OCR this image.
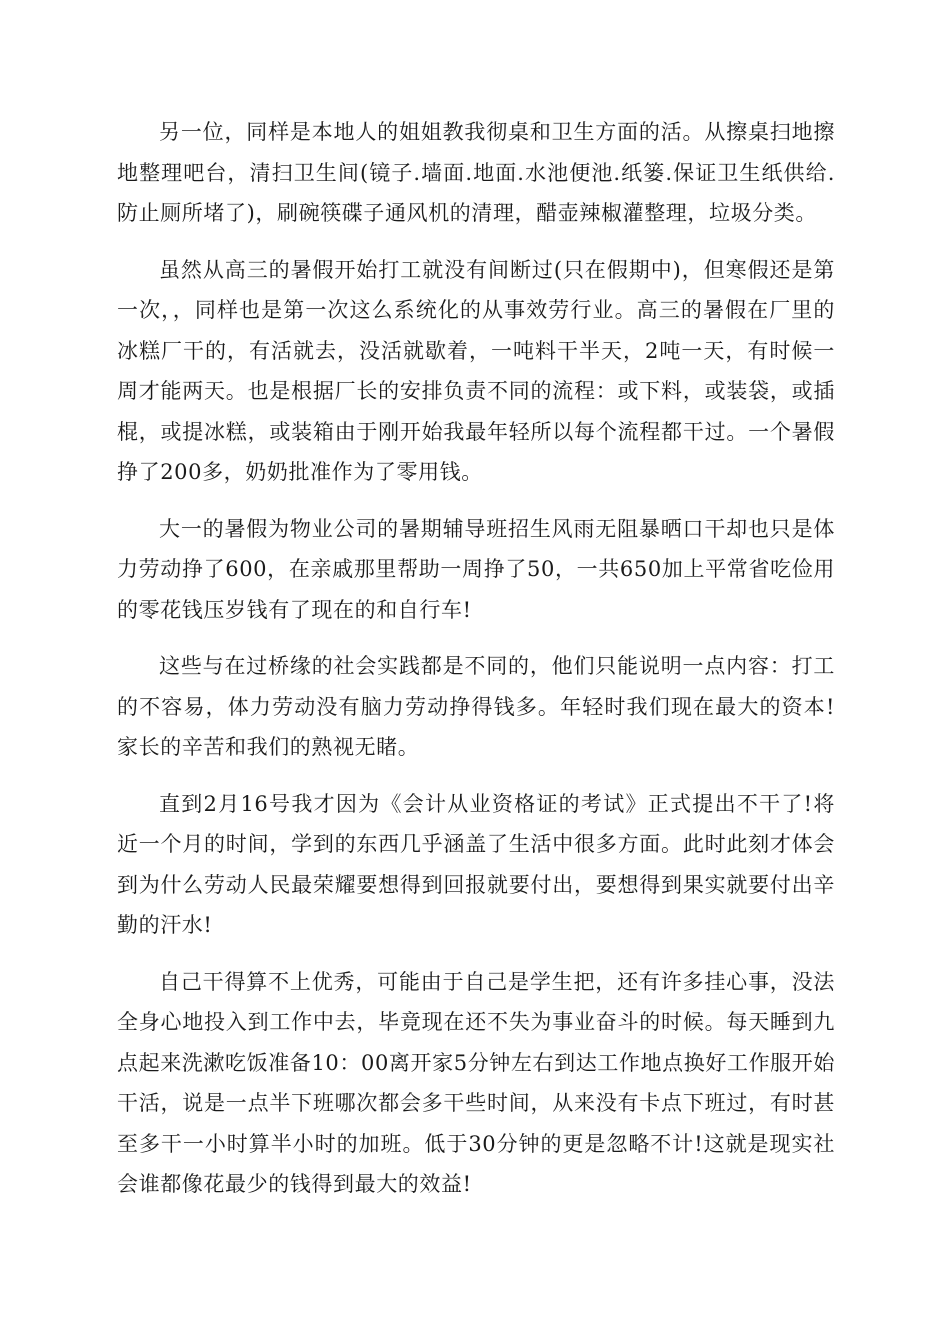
另一位，同样是本地人的姐姐教我彻桌和卫生方面的活。从擦桌扫地擦地整理吧台，清扫卫生间(镜子.墙面.地面.水池便池.纸篓.保证卫生纸供给.防止厕所堵了)，刷碗筷碟子通风机的清理，醋壶辣椒灌整理，垃圾分类。

虽然从高三的暑假开始打工就没有间断过(只在假期中)，但寒假还是第一次，，同样也是第一次这么系统化的从事效劳行业。高三的暑假在厂里的冰糕厂干的，有活就去，没活就歇着，一吨料干半天，2吨一天，有时候一周才能两天。也是根据厂长的安排负责不同的流程：或下料，或装袋，或插棍，或提冰糕，或装箱由于刚开始我最年轻所以每个流程都干过。一个暑假挣了200多，奶奶批准作为了零用钱。

大一的暑假为物业公司的暑期辅导班招生风雨无阻暴晒口干却也只是体力劳动挣了600，在亲戚那里帮助一周挣了50，一共650加上平常省吃俭用的零花钱压岁钱有了现在的和自行车!

这些与在过桥缘的社会实践都是不同的，他们只能说明一点内容：打工的不容易，体力劳动没有脑力劳动挣得钱多。年轻时我们现在最大的资本!家长的辛苦和我们的熟视无睹。

直到2月16号我才因为《会计从业资格证的考试》正式提出不干了!将近一个月的时间，学到的东西几乎涵盖了生活中很多方面。此时此刻才体会到为什么劳动人民最荣耀要想得到回报就要付出，要想得到果实就要付出辛勤的汗水!

自己干得算不上优秀，可能由于自己是学生把，还有许多挂心事，没法全身心地投入到工作中去，毕竟现在还不失为事业奋斗的时候。每天睡到九点起来洗漱吃饭准备10：00离开家5分钟左右到达工作地点换好工作服开始干活，说是一点半下班哪次都会多干些时间，从来没有卡点下班过，有时甚至多干一小时算半小时的加班。低于30分钟的更是忽略不计!这就是现实社会谁都像花最少的钱得到最大的效益!
